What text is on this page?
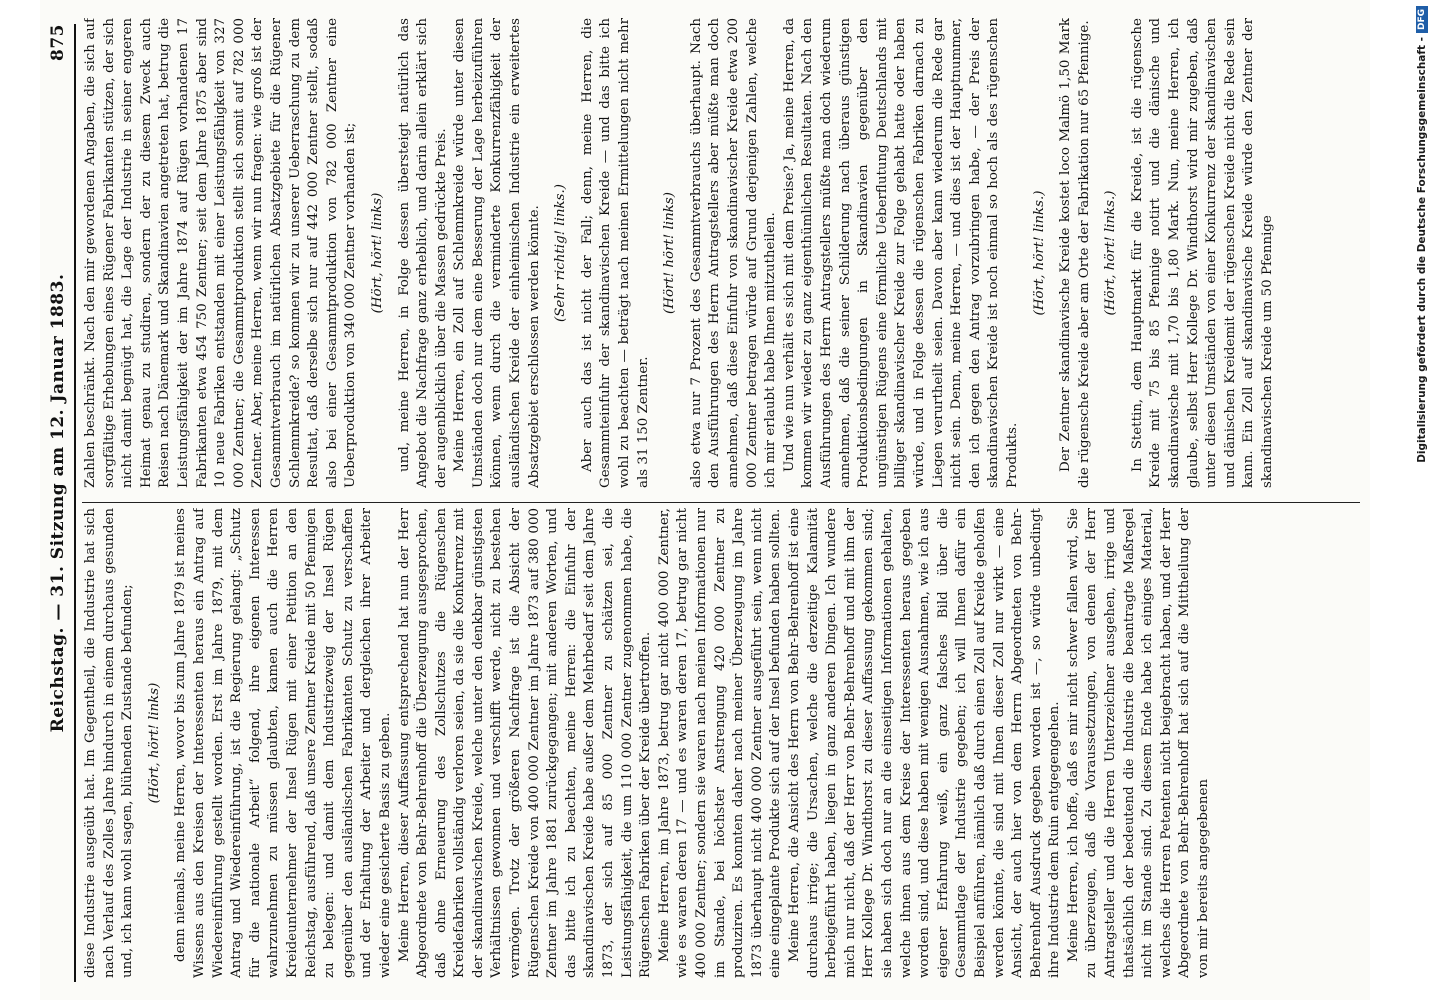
Reichstag. — 31. Sitzung am 12. Januar 1883.
875

diese Industrie ausgeübt hat. Im Gegentheil, die Industrie hat sich nach Verlauf des Zolles Jahre hindurch in einem durchaus gesunden und, ich kann wohl sagen, blühenden Zustande befunden; (Hört, hört! links) denn niemals, meine Herren, wovor bis zum Jahre 1879 ist meines Wissens aus den Kreisen der Interessenten heraus ein Antrag auf Wiedereinführung gestellt worden. Erst im Jahre 1879, mit dem Antrag und Wiedereinführung, ist die Regierung gelangt: „Schutz für die nationale Arbeit“ folgend, ihre eigenen Interessen wahrzunehmen zu müssen glaubten, kamen auch die Herren Kreideunternehmer der Insel Rügen mit einer Petition an den Reichstag, ausführend, daß unsere Zentner Kreide mit 50 Pfennigen zu belegen: und damit dem Industriezweig der Insel Rügen gegenüber den ausländischen Fabrikanten Schutz zu verschaffen und der Erhaltung der Arbeiter und dergleichen ihrer Arbeiter wieder eine gesicherte Basis zu geben. Meine Herren, dieser Auffassung entsprechend hat nun der Herr Abgeordnete von Behr-Behrenhoff die Überzeugung ausgesprochen, daß ohne Erneuerung des Zollschutzes die Rügenschen Kreidefabriken vollständig verloren seien, da sie die Konkurrenz mit der skandinavischen Kreide, welche unter den denkbar günstigsten Verhältnissen gewonnen und verschifft werde, nicht zu bestehen vermögen. Trotz der größeren Nachfrage ist die Absicht der Rügenschen Kreide von 400 000 Zentner im Jahre 1873 auf 380 000 Zentner im Jahre 1881 zurückgegangen; mit anderen Worten, und das bitte ich zu beachten, meine Herren: die Einfuhr der skandinavischen Kreide habe außer dem Mehrbedarf seit dem Jahre 1873, der sich auf 85 000 Zentner zu schätzen sei, die Leistungsfähigkeit, die um 110 000 Zentner zugenommen habe, die Rügenschen Fabriken über der Kreide übertroffen. Meine Herren, im Jahre 1873, betrug gar nicht 400 000 Zentner, wie es waren deren 17 — und es waren deren 17, betrug gar nicht 400 000 Zentner; sondern sie waren nach meinen Informationen nur im Stande, bei höchster Anstrengung 420 000 Zentner zu produziren. Es konnten daher nach meiner Überzeugung im Jahre 1873 überhaupt nicht 400 000 Zentner ausgeführt sein, wenn nicht eine eingeplante Produkte sich auf der Insel befunden haben sollten. Meine Herren, die Ansicht des Herrn von Behr-Behrenhoff ist eine durchaus irrige; die Ursachen, welche die derzeitige Kalamität herbeigeführt haben, liegen in ganz anderen Dingen. Ich wundere mich nur nicht, daß der Herr von Behr-Behrenhoff und mit ihm der Herr Kollege Dr. Windthorst zu dieser Auffassung gekommen sind; sie haben sich doch nur an die einseitigen Informationen gehalten, welche ihnen aus dem Kreise der Interessenten heraus gegeben worden sind, und diese haben mit wenigen Ausnahmen, wie ich aus eigener Erfahrung weiß, ein ganz falsches Bild über die Gesammtlage der Industrie gegeben; ich will Ihnen dafür ein Beispiel anführen, nämlich daß durch einen Zoll auf Kreide geholfen werden könnte, die sind mit Ihnen dieser Zoll nur wirkt — eine Ansicht, der auch hier von dem Herrn Abgeordneten von Behr-Behrenhoff Ausdruck gegeben worden ist —, so würde unbedingt ihre Industrie dem Ruin entgegengehen. Meine Herren, ich hoffe, daß es mir nicht schwer fallen wird, Sie zu überzeugen, daß die Voraussetzungen, von denen der Herr Antragsteller und die Herren Unterzeichner ausgehen, irrige und thatsächlich der bedeutend die Industrie die beantragte Maßregel nicht im Stande sind. Zu diesem Ende habe ich einiges Material, welches die Herren Petenten nicht beigebracht haben, und der Herr Abgeordnete von Behr-Behrenhoff hat sich auf die Mittheilung der von mir bereits angegebenen

Zahlen beschränkt. Nach den mir gewordenen Angaben, die sich auf sorgfältige Erhebungen eines Rügener Fabrikanten stützen, der sich nicht damit begnügt hat, die Lage der Industrie in seiner engeren Heimat genau zu studiren, sondern der zu diesem Zweck auch Reisen nach Dänemark und Skandinavien angetreten hat, betrug die Leistungsfähigkeit der im Jahre 1874 auf Rügen vorhandenen 17 Fabrikanten etwa 454 750 Zentner; seit dem Jahre 1875 aber sind 10 neue Fabriken entstanden mit einer Leistungsfähigkeit von 327 000 Zentner; die Gesammtproduktion stellt sich somit auf 782 000 Zentner. Aber, meine Herren, wenn wir nun fragen: wie groß ist der Gesammtverbrauch im natürlichen Absatzgebiete für die Rügener Schlemmkreide? so kommen wir zu unserer Ueberraschung zu dem Resultat, daß derselbe sich nur auf 442 000 Zentner stellt, sodaß also bei einer Gesammtproduktion von 782 000 Zentner eine Ueberproduktion von 340 000 Zentner vorhanden ist; (Hört, hört! links) und, meine Herren, in Folge dessen übersteigt natürlich das Angebot die Nachfrage ganz erheblich, und darin allein erklärt sich der augenblicklich über die Massen gedrückte Preis. Meine Herren, ein Zoll auf Schlemmkreide würde unter diesen Umständen doch nur dem eine Besserung der Lage herbeizuführen können, wenn durch die verminderte Konkurrenzfähigkeit der ausländischen Kreide der einheimischen Industrie ein erweitertes Absatzgebiet erschlossen werden könnte. (Sehr richtig! links.) Aber auch das ist nicht der Fall; denn, meine Herren, die Gesammteinfuhr der skandinavischen Kreide — und das bitte ich wohl zu beachten — beträgt nach meinen Ermittelungen nicht mehr als 31 150 Zentner.

(Hört! hört! links) also etwa nur 7 Prozent des Gesammtverbrauchs überhaupt. Nach den Ausführungen des Herrn Antragstellers aber müßte man doch annehmen, daß diese Einfuhr von skandinavischer Kreide etwa 200 000 Zentner betragen würde auf Grund derjenigen Zahlen, welche ich mir erlaubt habe Ihnen mitzutheilen. Und wie nun verhält es sich mit dem Preise? Ja, meine Herren, da kommen wir wieder zu ganz eigenthümlichen Resultaten. Nach den Ausführungen des Herrn Antragstellers müßte man doch wiederum annehmen, daß die seiner Schilderung nach überaus günstigen Produktionsbedingungen in Skandinavien gegenüber den ungünstigen Rügens eine förmliche Ueberflutung Deutschlands mit billiger skandinavischer Kreide zur Folge gehabt hatte oder haben würde, und in Folge dessen die rügenschen Fabriken darnach zu Liegen verurtheilt seien. Davon aber kann wiederum die Rede gar nicht sein. Denn, meine Herren, — und dies ist der Hauptnummer, den ich gegen den Antrag vorzubringen habe, — der Preis der skandinavischen Kreide ist noch einmal so hoch als des rügenschen Produkts.

(Hört, hört! links.) Der Zentner skandinavische Kreide kostet loco Malmö 1,50 Mark die rügensche Kreide aber am Orte der Fabrikation nur 65 Pfennige. (Hört, hört! links.) In Stettin, dem Hauptmarkt für die Kreide, ist die rügensche Kreide mit 75 bis 85 Pfennige notirt und die dänische und skandinavische mit 1,70 bis 1,80 Mark. Nun, meine Herren, ich glaube, selbst Herr Kollege Dr. Windthorst wird mir zugeben, daß unter diesen Umständen von einer Konkurrenz der skandinavischen und dänischen Kreidemit der rügenschen Kreide nicht die Rede sein kann. Ein Zoll auf skandinavische Kreide würde den Zentner der skandinavischen Kreide um 50 Pfennige	Digitalisierung gefördert durch die Deutsche Forschungsgemeinschaft -
DFG
